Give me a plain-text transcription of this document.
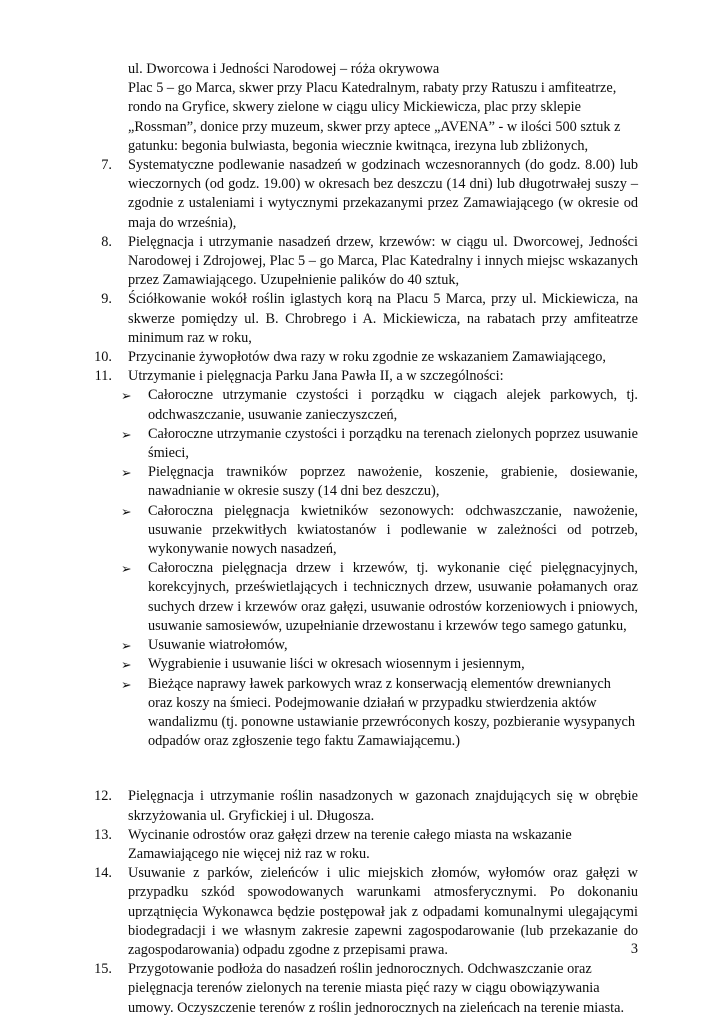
ul. Dworcowa i Jedności Narodowej – róża okrywowa
Plac 5 – go Marca, skwer przy Placu Katedralnym, rabaty przy Ratuszu i amfiteatrze, rondo na Gryfice, skwery zielone w ciągu ulicy Mickiewicza, plac przy sklepie „Rossman”, donice przy muzeum, skwer przy aptece „AVENA” - w ilości 500 sztuk z gatunku: begonia bulwiasta, begonia wiecznie kwitnąca, irezyna lub zbliżonych,
7.	Systematyczne podlewanie nasadzeń w godzinach wczesnorannych (do godz. 8.00) lub wieczornych (od godz. 19.00) w okresach bez deszczu (14 dni) lub długotrwałej suszy – zgodnie z ustaleniami i wytycznymi przekazanymi przez Zamawiającego (w okresie od maja do września),
8.	Pielęgnacja i utrzymanie nasadzeń drzew, krzewów: w ciągu ul. Dworcowej, Jedności Narodowej i Zdrojowej, Plac 5 – go Marca, Plac Katedralny i innych miejsc wskazanych przez Zamawiającego. Uzupełnienie palików do 40 sztuk,
9.	Ściółkowanie wokół roślin iglastych korą na Placu 5 Marca, przy ul. Mickiewicza, na skwerze pomiędzy ul. B. Chrobrego i A. Mickiewicza, na rabatach przy amfiteatrze minimum raz w roku,
10.	Przycinanie żywopłotów dwa razy w roku zgodnie ze wskazaniem Zamawiającego,
11.	Utrzymanie i pielęgnacja Parku Jana Pawła II, a w szczególności:
➢	Całoroczne utrzymanie czystości i porządku w ciągach alejek parkowych, tj. odchwaszczanie, usuwanie zanieczyszczeń,
➢	Całoroczne utrzymanie czystości i porządku na terenach zielonych poprzez usuwanie śmieci,
➢	Pielęgnacja trawników poprzez nawożenie, koszenie, grabienie, dosiewanie, nawadnianie w okresie suszy (14 dni bez deszczu),
➢	Całoroczna pielęgnacja kwietników sezonowych: odchwaszczanie, nawożenie, usuwanie przekwitłych kwiatostanów i podlewanie w zależności od potrzeb, wykonywanie nowych nasadzeń,
➢	Całoroczna pielęgnacja drzew i krzewów, tj. wykonanie cięć pielęgnacyjnych, korekcyjnych, prześwietlających i technicznych drzew, usuwanie połamanych oraz suchych drzew i krzewów oraz gałęzi, usuwanie odrostów korzeniowych i pniowych, usuwanie samosiewów, uzupełnianie drzewostanu i krzewów tego samego gatunku,
➢	Usuwanie wiatrołomów,
➢	Wygrabienie i usuwanie liści w okresach wiosennym i jesiennym,
➢	Bieżące naprawy ławek parkowych wraz z konserwacją elementów drewnianych oraz koszy na śmieci. Podejmowanie działań w przypadku stwierdzenia aktów wandalizmu (tj. ponowne ustawianie przewróconych koszy, pozbieranie wysypanych odpadów oraz zgłoszenie tego faktu Zamawiającemu.)
12.	Pielęgnacja i utrzymanie roślin nasadzonych w gazonach znajdujących się w obrębie skrzyżowania ul. Gryfickiej i ul. Długosza.
13.	Wycinanie odrostów oraz gałęzi drzew na terenie całego miasta na wskazanie Zamawiającego nie więcej niż raz w roku.
14.	Usuwanie z parków, zieleńców i ulic miejskich złomów, wyłomów oraz gałęzi w przypadku szkód spowodowanych warunkami atmosferycznymi. Po dokonaniu uprzątnięcia Wykonawca będzie postępował jak z odpadami komunalnymi ulegającymi biodegradacji i we własnym zakresie zapewni zagospodarowanie (lub przekazanie do zagospodarowania) odpadu zgodne z przepisami prawa.
15.	Przygotowanie podłoża do nasadzeń roślin jednorocznych. Odchwaszczanie oraz pielęgnacja terenów zielonych na terenie miasta pięć razy w ciągu obowiązywania umowy. Oczyszczenie terenów z roślin jednorocznych na zieleńcach na terenie miasta.
3
